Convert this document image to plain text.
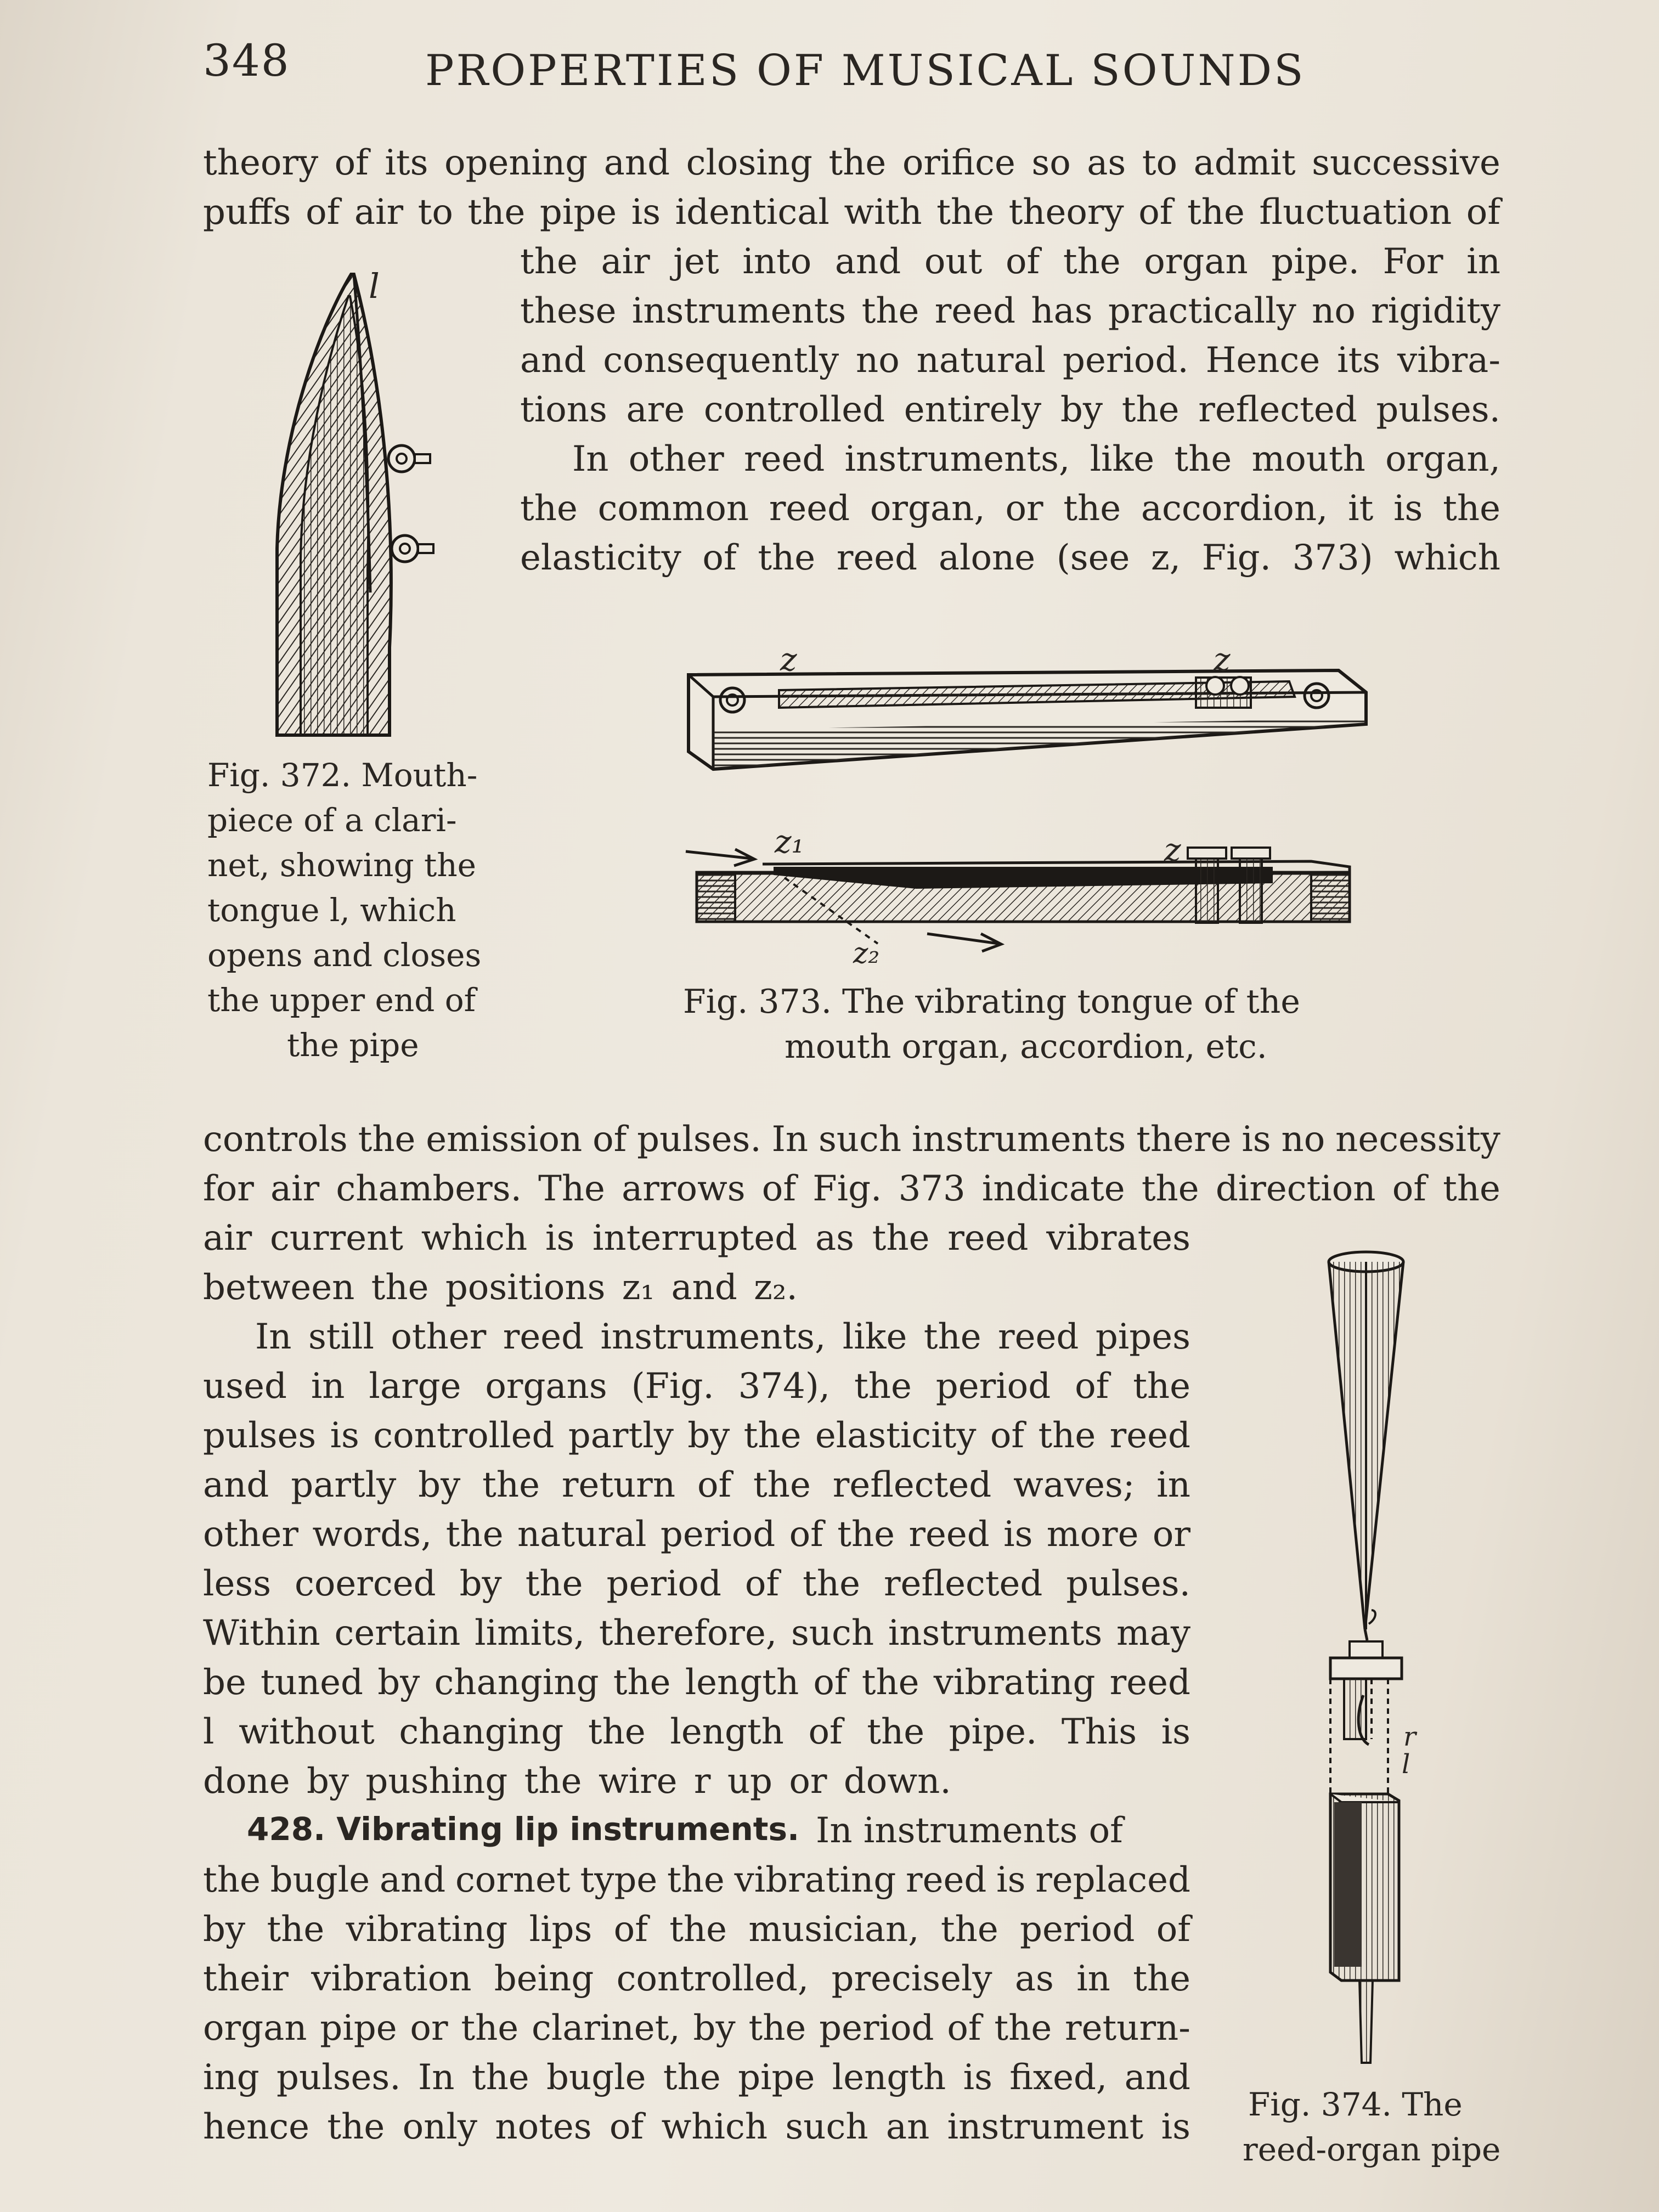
348	PROPERTIES OF MUSICAL SOUNDS
theory of its opening and closing the orifice so as to admit successive
puffs of air to the pipe is identical with the theory of the fluctuation of
the air jet into and out of the organ pipe. For in
these instruments the reed has practically no rigidity
and consequently no natural period. Hence its vibra-
tions are controlled entirely by the reflected pulses.
In other reed instruments, like the mouth organ,
the common reed organ, or the accordion, it is the
elasticity of the reed alone (see z, Fig. 373) which
l
Fig. 372. Mouth-
piece of a clari-
net, showing the
tongue l, which
opens and closes
the upper end of
the pipe
z	z
z₁	z
z₂
Fig. 373. The vibrating tongue of the
mouth organ, accordion, etc.
controls the emission of pulses. In such instruments there is no necessity
for air chambers. The arrows of Fig. 373 indicate the direction of the
air current which is interrupted as the reed vibrates
between the positions z₁ and z₂.
In still other reed instruments, like the reed pipes
used in large organs (Fig. 374), the period of the
pulses is controlled partly by the elasticity of the reed
and partly by the return of the reflected waves; in
other words, the natural period of the reed is more or
less coerced by the period of the reflected pulses.
Within certain limits, therefore, such instruments may
be tuned by changing the length of the vibrating reed
l without changing the length of the pipe. This is
done by pushing the wire r up or down.
428. Vibrating lip instruments. In instruments of
the bugle and cornet type the vibrating reed is replaced
by the vibrating lips of the musician, the period of
their vibration being controlled, precisely as in the
organ pipe or the clarinet, by the period of the return-
ing pulses. In the bugle the pipe length is fixed, and
hence the only notes of which such an instrument is
r
l
Fig. 374. The
reed-organ pipe
